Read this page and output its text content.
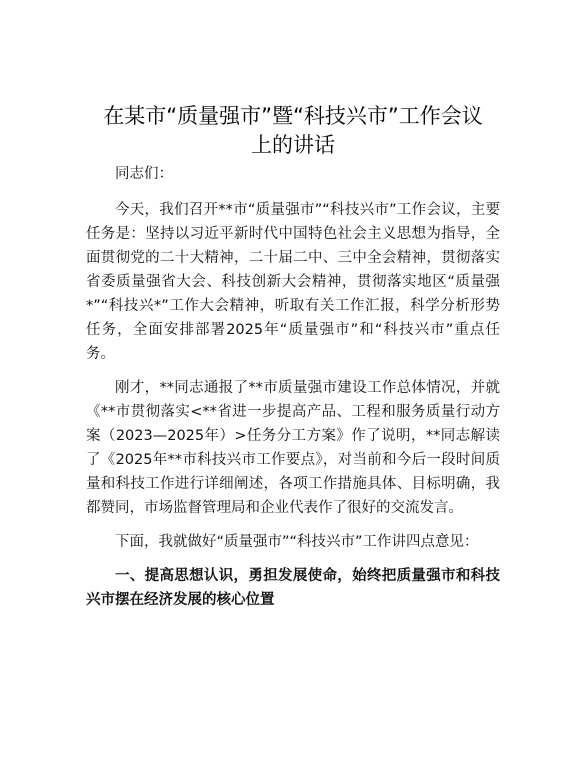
在某市“质量强市”暨“科技兴市”工作会议
上的讲话

同志们：

今天，我们召开**市“质量强市”“科技兴市”工作会议，主要任务是：坚持以习近平新时代中国特色社会主义思想为指导，全面贯彻党的二十大精神，二十届二中、三中全会精神，贯彻落实省委质量强省大会、科技创新大会精神，贯彻落实地区“质量强*”“科技兴*”工作大会精神，听取有关工作汇报，科学分析形势任务，全面安排部署2025年“质量强市”和“科技兴市”重点任务。

刚才，**同志通报了**市质量强市建设工作总体情况，并就《**市贯彻落实<**省进一步提高产品、工程和服务质量行动方案（2023—2025年）>任务分工方案》作了说明，**同志解读了《2025年**市科技兴市工作要点》，对当前和今后一段时间质量和科技工作进行详细阐述，各项工作措施具体、目标明确，我都赞同，市场监督管理局和企业代表作了很好的交流发言。

下面，我就做好“质量强市”“科技兴市”工作讲四点意见：

一、提高思想认识，勇担发展使命，始终把质量强市和科技兴市摆在经济发展的核心位置
